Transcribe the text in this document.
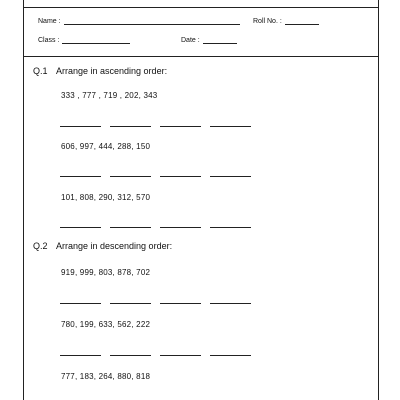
Name :	Roll No. :
Class :	Date :
Q.1 Arrange in ascending order:
333 , 777 , 719 , 202, 343
606, 997, 444, 288, 150
101, 808, 290, 312, 570
Q.2 Arrange in descending order:
919, 999, 803, 878, 702
780, 199, 633, 562, 222
777, 183, 264, 880, 818
